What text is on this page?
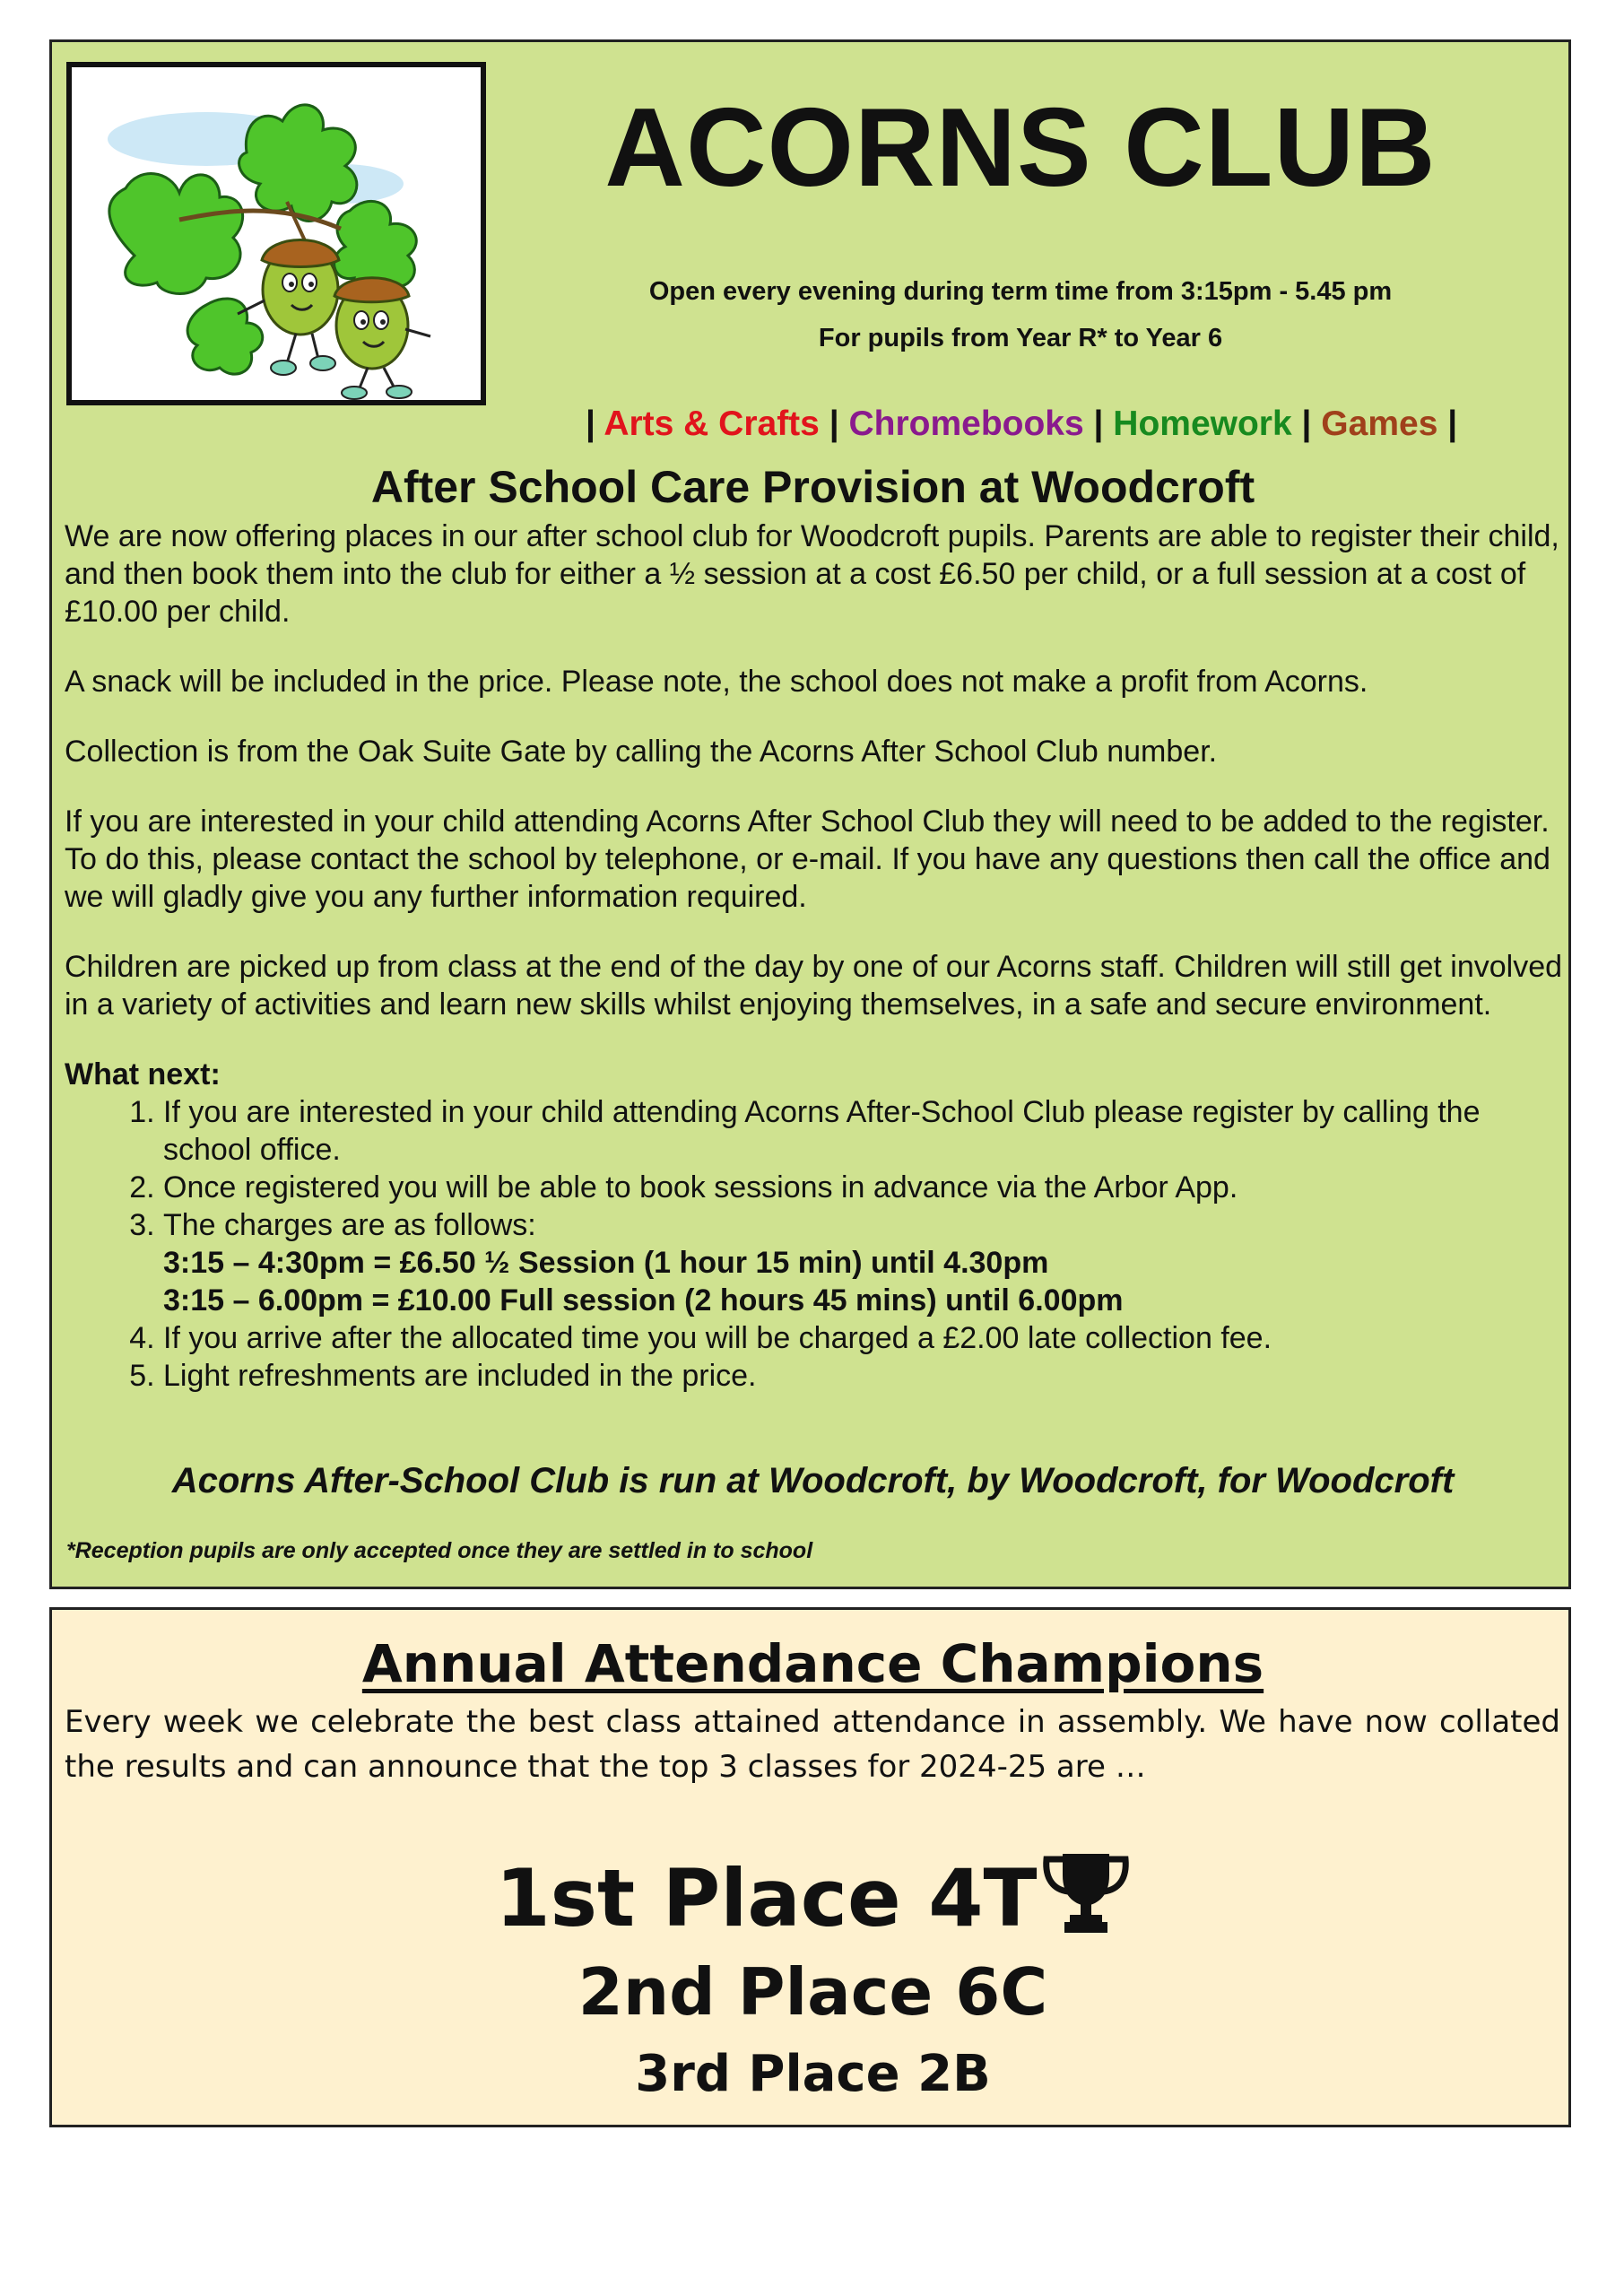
ACORNS CLUB
Open every evening during term time from 3:15pm - 5.45 pm
For pupils from Year R* to Year 6
| Arts & Crafts | Chromebooks | Homework | Games |
After School Care Provision at Woodcroft

We are now offering places in our after school club for Woodcroft pupils. Parents are able to register their child, and then book them into the club for either a ½ session at a cost £6.50 per child, or a full session at a cost of £10.00 per child.

A snack will be included in the price. Please note, the school does not make a profit from Acorns.

Collection is from the Oak Suite Gate by calling the Acorns After School Club number.

If you are interested in your child attending Acorns After School Club they will need to be added to the register. To do this, please contact the school by telephone, or e-mail. If you have any questions then call the office and we will gladly give you any further information required.

Children are picked up from class at the end of the day by one of our Acorns staff. Children will still get involved in a variety of activities and learn new skills whilst enjoying themselves, in a safe and secure environment.

What next:
1. If you are interested in your child attending Acorns After-School Club please register by calling the school office.
2. Once registered you will be able to book sessions in advance via the Arbor App.
3. The charges are as follows:
3:15 – 4:30pm = £6.50 ½ Session (1 hour 15 min) until 4.30pm
3:15 – 6.00pm = £10.00 Full session (2 hours 45 mins) until 6.00pm
4. If you arrive after the allocated time you will be charged a £2.00 late collection fee.
5. Light refreshments are included in the price.
Acorns After-School Club is run at Woodcroft, by Woodcroft, for Woodcroft
*Reception pupils are only accepted once they are settled in to school
Annual Attendance Champions
Every week we celebrate the best class attained attendance in assembly. We have now collated the results and can announce that the top 3 classes for 2024-25 are …
1st Place 4T
2nd Place 6C
3rd Place 2B
